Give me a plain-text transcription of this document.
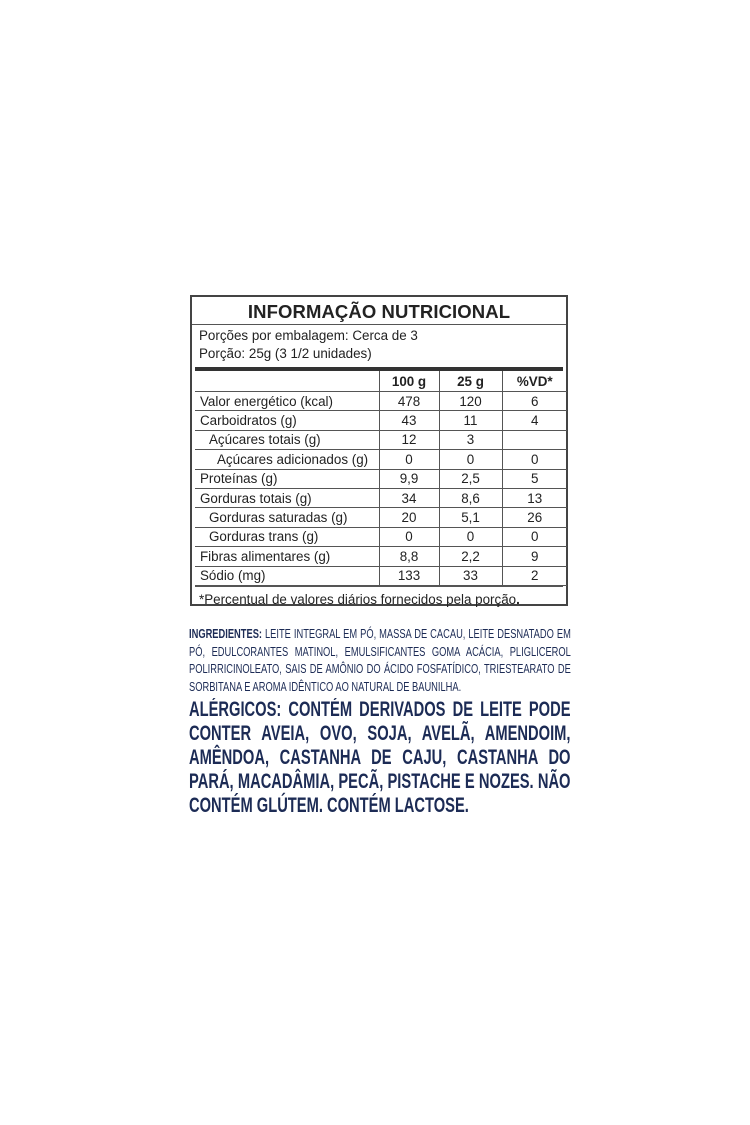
INFORMAÇÃO NUTRICIONAL
Porções por embalagem: Cerca de 3
Porção: 25g (3 1/2 unidades)
	100 g	25 g	%VD*
Valor energético (kcal)	478	120	6
Carboidratos (g)	43	11	4
Açúcares totais (g)	12	3	
Açúcares adicionados (g)	0	0	0
Proteínas (g)	9,9	2,5	5
Gorduras totais (g)	34	8,6	13
Gorduras saturadas (g)	20	5,1	26
Gorduras trans (g)	0	0	0
Fibras alimentares (g)	8,8	2,2	9
Sódio (mg)	133	33	2
*Percentual de valores diários fornecidos pela porção.
INGREDIENTES: LEITE INTEGRAL EM PÓ, MASSA DE CACAU, LEITE DESNATADO EM PÓ, EDULCORANTES MATINOL, EMULSIFICANTES GOMA ACÁCIA, PLIGLICEROL POLIRRICINOLEATO, SAIS DE AMÔNIO DO ÁCIDO FOSFATÍDICO, TRIESTEARATO DE SORBITANA E AROMA IDÊNTICO AO NATURAL DE BAUNILHA.
ALÉRGICOS: CONTÉM DERIVADOS DE LEITE PODE CONTER AVEIA, OVO, SOJA, AVELÃ, AMENDOIM, AMÊNDOA, CASTANHA DE CAJU, CASTANHA DO PARÁ, MACADÂMIA, PECÃ, PISTACHE E NOZES. NÃO CONTÉM GLÚTEM. CONTÉM LACTOSE.
